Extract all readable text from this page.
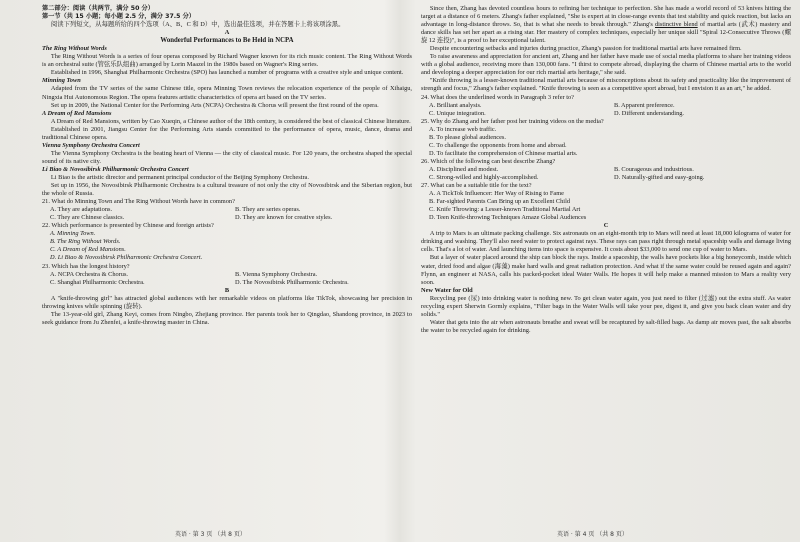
第二部分：阅读（共两节，满分 50 分）

第一节（共 15 小题；每小题 2.5 分，满分 37.5 分）

阅读下列短文，从每题所给的四个选项（A、B、C 和 D）中，选出最佳选项，并在答题卡上将该项涂黑。

A

Wonderful Performances to Be Held in NCPA

The Ring Without Words

The Ring Without Words is a series of four operas composed by Richard Wagner known for its rich music content. The Ring Without Words is an orchestral suite (管弦乐队组曲) arranged by Lorin Maazel in the 1980s based on Wagner's Ring series.

Established in 1996, Shanghai Philharmonic Orchestra (SPO) has launched a number of programs with a creative style and unique content.

Minning Town

Adapted from the TV series of the same Chinese title, opera Minning Town reviews the relocation experience of the people of Xihaigu, Ningxia Hui Autonomous Region. The opera features artistic characteristics of opera art based on the TV series.

Set up in 2009, the National Center for the Performing Arts (NCPA) Orchestra & Chorus will present the first round of the opera.

A Dream of Red Mansions

A Dream of Red Mansions, written by Cao Xueqin, a Chinese author of the 18th century, is considered the best of classical Chinese literature.

Established in 2001, Jiangsu Center for the Performing Arts stands committed to the performance of opera, music, dance, drama and traditional Chinese opera.

Vienna Symphony Orchestra Concert

The Vienna Symphony Orchestra is the beating heart of Vienna — the city of classical music. For 120 years, the orchestra shaped the special sound of its native city.

Li Biao & Novosibirsk Philharmonic Orchestra Concert

Li Biao is the artistic director and permanent principal conductor of the Beijing Symphony Orchestra.

Set up in 1956, the Novosibirsk Philharmonic Orchestra is a cultural treasure of not only the city of Novosibirsk and the Siberian region, but the whole of Russia.

21. What do Minning Town and The Ring Without Words have in common?

A. They are adaptations.	B. They are series operas.
C. They are Chinese classics.	D. They are known for creative styles.

22. Which performance is presented by Chinese and foreign artists?

A. Minning Town.

B. The Ring Without Words.

C. A Dream of Red Mansions.

D. Li Biao & Novosibirsk Philharmonic Orchestra Concert.

23. Which has the longest history?

A. NCPA Orchestra & Chorus.	B. Vienna Symphony Orchestra.
C. Shanghai Philharmonic Orchestra.	D. The Novosibirsk Philharmonic Orchestra.

B

A "knife-throwing girl" has attracted global audiences with her remarkable videos on platforms like TikTok, showcasing her precision in throwing knives while spinning (旋转).

The 13-year-old girl, Zhang Keyi, comes from Ningbo, Zhejiang province. Her parents took her to Qingdao, Shandong province, in 2023 to seek guidance from Ju Zhenfei, a knife-throwing master in China.

Since then, Zhang has devoted countless hours to refining her technique to perfection. She has made a world record of 53 knives hitting the target at a distance of 6 meters. Zhang's father explained, "She is expert at in close-range events that test stability and quick reaction, but lacks an advantage in long-distance throws. So, that is what she needs to break through." Zhang's distinctive blend of martial arts (武术) mastery and dance skills has set her apart as a rising star. Her mastery of complex techniques, especially her unique skill "Spiral 12-Consecutive Throws (螺旋 12 连投)", is a proof to her exceptional talent.

Despite encountering setbacks and injuries during practice, Zhang's passion for traditional martial arts have remained firm.

To raise awareness and appreciation for ancient art, Zhang and her father have made use of social media platforms to share her training videos with a global audience, receiving more than 130,000 fans. "I thirst to compete abroad, displaying the charm of Chinese martial arts to the world and developing a deeper appreciation for our rich martial arts heritage," she said.

"Knife throwing is a lesser-known traditional martial arts because of misconceptions about its safety and practicality like the improvement of strength and focus," Zhang's father explained. "Knife throwing is seen as a competitive sport abroad, but I envision it as an art," he added.

24. What does the underlined words in Paragraph 3 refer to?

A. Brilliant analysis.	B. Apparent preference.
C. Unique integration.	D. Different understanding.

25. Why do Zhang and her father post her training videos on the media?

A. To increase web traffic.

B. To please global audiences.

C. To challenge the opponents from home and abroad.

D. To facilitate the comprehension of Chinese martial arts.

26. Which of the following can best describe Zhang?

A. Disciplined and modest.	B. Courageous and industrious.
C. Strong-willed and highly-accomplished.	D. Naturally-gifted and easy-going.

27. What can be a suitable title for the text?

A. A TickTok Influencer: Her Way of Rising to Fame

B. Far-sighted Parents Can Bring up an Excellent Child

C. Knife Throwing: a Lesser-known Traditional Martial Art

D. Teen Knife-throwing Techniques Amaze Global Audiences

C

A trip to Mars is an ultimate packing challenge. Six astronauts on an eight-month trip to Mars will need at least 18,000 kilograms of water for drinking and washing. They'll also need water to protect against rays. These rays can pass right through metal spaceship walls and damage living cells. That's a lot of water. And launching items into space is expensive. It costs about $33,000 to send one cup of water to Mars.

But a layer of water placed around the ship can block the rays. Inside a spaceship, the walls have pockets like a big honeycomb, inside which water, dried food and algae (海藻) make hard walls and great radiation protection. And what if the same water could be reused again and again? Flynn, an engineer at NASA, calls his packed-pocket ideal Water Walls. He hopes it will help make a manned mission to Mars a reality very soon.

New Water for Old

Recycling pee (尿) into drinking water is nothing new. To get clean water again, you just need to filter (过滤) out the extra stuff. As water recycling expert Sherwin Gormly explains, "Filter bags in the Water Walls will take your pee, digest it, and give you back clean water and dry solids."

Water that gets into the air when astronauts breathe and sweat will be recaptured by salt-filled bags. As damp air moves past, the salt absorbs the water to be recycled again for drinking.

英语 · 第 3 页 （共 8 页）	英语 · 第 4 页 （共 8 页）
